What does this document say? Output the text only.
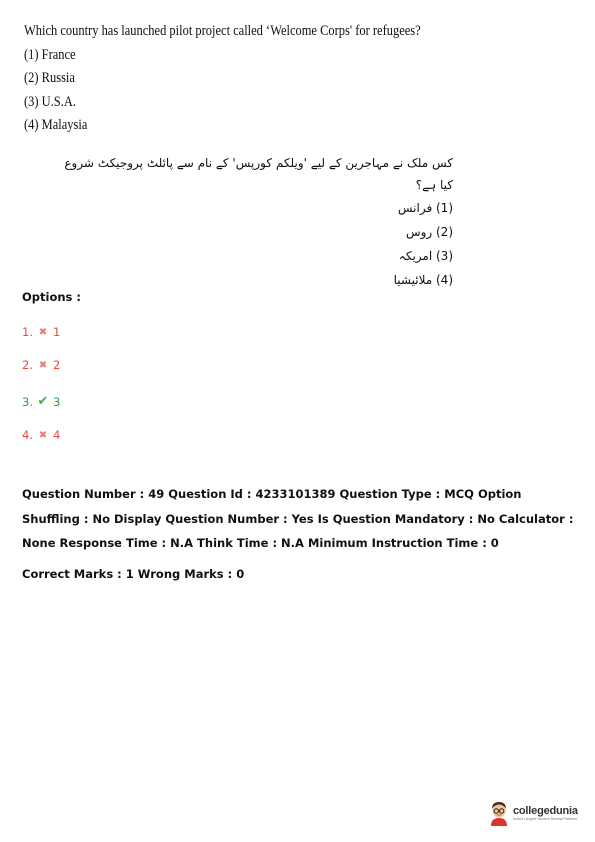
Which country has launched pilot project called ‘Welcome Corps' for refugees?
(1) France
(2) Russia
(3) U.S.A.
(4) Malaysia
کس ملک نے مہاجرین کے لیے 'ویلکم کورپس' کے نام سے پائلٹ پروجیکٹ شروع کیا ہے؟
(1) فرانس
(2) روس
(3) امریکہ
(4) ملائیشیا
Options :
1. ✖ 1
2. ✖ 2
3. ✔ 3
4. ✖ 4
Question Number : 49 Question Id : 4233101389 Question Type : MCQ Option Shuffling : No Display Question Number : Yes Is Question Mandatory : No Calculator : None Response Time : N.A Think Time : N.A Minimum Instruction Time : 0
Correct Marks : 1 Wrong Marks : 0
collegedunia
India's Largest Student Review Platform
